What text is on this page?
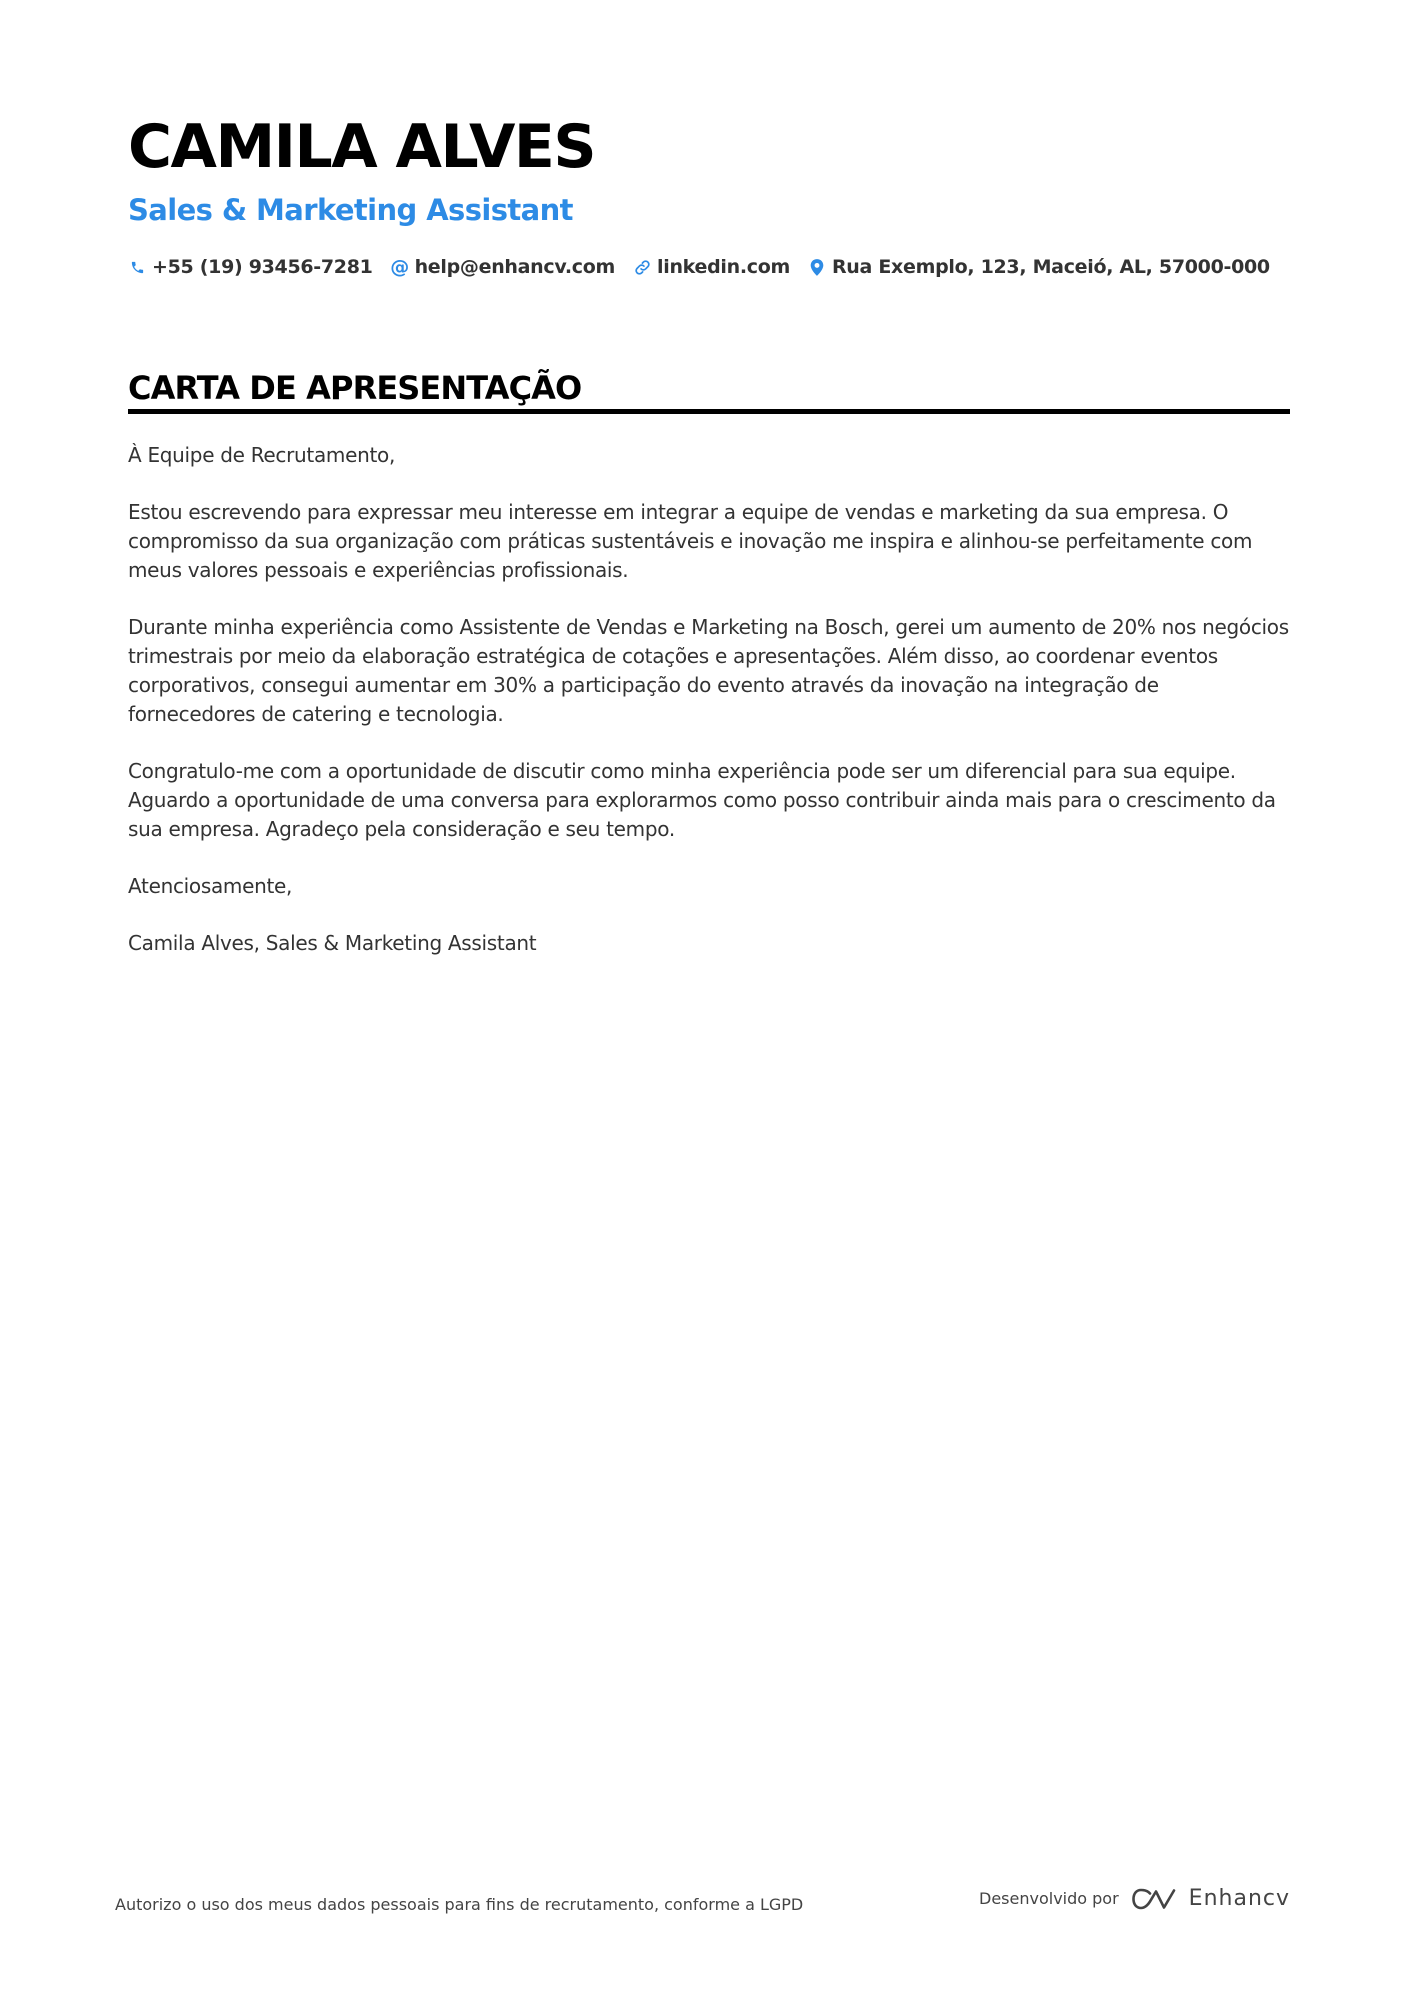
CAMILA ALVES
Sales & Marketing Assistant
+55 (19) 93456-7281 @ help@enhancv.com linkedin.com Rua Exemplo, 123, Maceió, AL, 57000-000
CARTA DE APRESENTAÇÃO

À Equipe de Recrutamento,

Estou escrevendo para expressar meu interesse em integrar a equipe de vendas e marketing da sua empresa. O compromisso da sua organização com práticas sustentáveis e inovação me inspira e alinhou-se perfeitamente com meus valores pessoais e experiências profissionais.

Durante minha experiência como Assistente de Vendas e Marketing na Bosch, gerei um aumento de 20% nos negócios trimestrais por meio da elaboração estratégica de cotações e apresentações. Além disso, ao coordenar eventos corporativos, consegui aumentar em 30% a participação do evento através da inovação na integração de fornecedores de catering e tecnologia.

Congratulo-me com a oportunidade de discutir como minha experiência pode ser um diferencial para sua equipe. Aguardo a oportunidade de uma conversa para explorarmos como posso contribuir ainda mais para o crescimento da sua empresa. Agradeço pela consideração e seu tempo.

Atenciosamente,

Camila Alves, Sales & Marketing Assistant

Autorizo o uso dos meus dados pessoais para fins de recrutamento, conforme a LGPD	Desenvolvido por	Enhancv
